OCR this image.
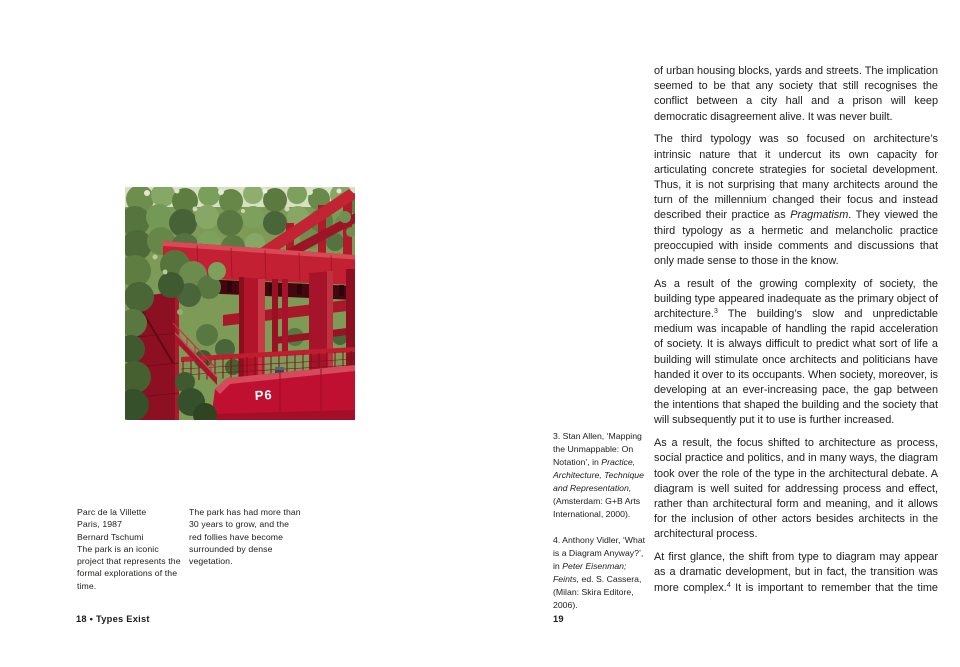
P6
Parc de la Villette
Paris, 1987
Bernard Tschumi
The park is an iconic project that represents the formal explorations of the time.
The park has had more than 30 years to grow, and the red follies have become surrounded by dense vegetation.
18 • Types Exist

3. Stan Allen, ‘Mapping the Unmappable: On Notation’, in Practice, Architecture, Technique and Representation, (Amsterdam: G+B Arts International, 2000).

4. Anthony Vidler, ‘What is a Diagram Anyway?’, in Peter Eisenman; Feints, ed. S. Cassera, (Milan: Skira Editore, 2006).

of urban housing blocks, yards and streets. The implication seemed to be that any society that still recognises the conflict between a city hall and a prison will keep democratic disagreement alive. It was never built.

The third typology was so focused on architecture’s intrinsic nature that it undercut its own capacity for articulating concrete strategies for societal development. Thus, it is not surprising that many architects around the turn of the millennium changed their focus and instead described their practice as Pragmatism. They viewed the third typology as a hermetic and melancholic practice preoccupied with inside comments and discussions that only made sense to those in the know.

As a result of the growing complexity of society, the building type appeared inadequate as the primary object of architecture.$^3$ The building’s slow and unpredictable medium was incapable of handling the rapid acceleration of society. It is always difficult to predict what sort of life a building will stimulate once architects and politicians have handed it over to its occupants. When society, moreover, is developing at an ever-increasing pace, the gap between the intentions that shaped the building and the society that will subsequently put it to use is further increased.

As a result, the focus shifted to architecture as process, social practice and politics, and in many ways, the diagram took over the role of the type in the architectural debate. A diagram is well suited for addressing process and effect, rather than architectural form and meaning, and it allows for the inclusion of other actors besides architects in the architectural process.

At first glance, the shift from type to diagram may appear as a dramatic development, but in fact, the transition was more complex.$^4$ It is important to remember that the time

19
